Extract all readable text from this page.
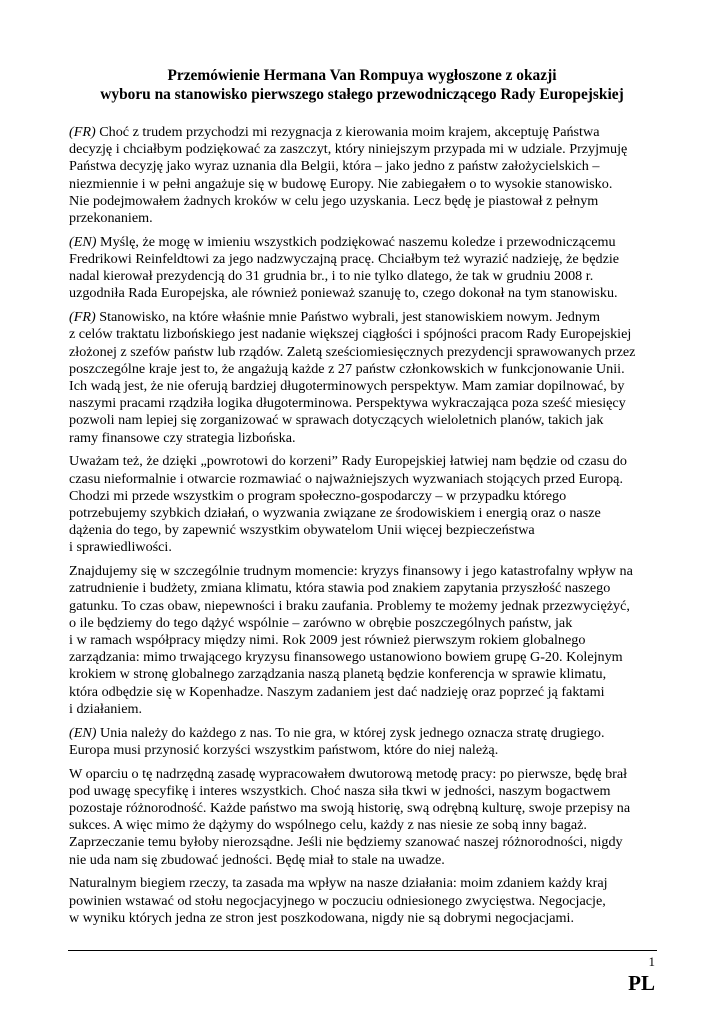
Przemówienie Hermana Van Rompuya wygłoszone z okazji
wyboru na stanowisko pierwszego stałego przewodniczącego Rady Europejskiej
(FR) Choć z trudem przychodzi mi rezygnacja z kierowania moim krajem, akceptuję Państwa
decyzję i chciałbym podziękować za zaszczyt, który niniejszym przypada mi w udziale. Przyjmuję
Państwa decyzję jako wyraz uznania dla Belgii, która – jako jedno z państw założycielskich –
niezmiennie i w pełni angażuje się w budowę Europy. Nie zabiegałem o to wysokie stanowisko.
Nie podejmowałem żadnych kroków w celu jego uzyskania. Lecz będę je piastował z pełnym
przekonaniem.
(EN) Myślę, że mogę w imieniu wszystkich podziękować naszemu koledze i przewodniczącemu
Fredrikowi Reinfeldtowi za jego nadzwyczajną pracę. Chciałbym też wyrazić nadzieję, że będzie
nadal kierował prezydencją do 31 grudnia br., i to nie tylko dlatego, że tak w grudniu 2008 r.
uzgodniła Rada Europejska, ale również ponieważ szanuję to, czego dokonał na tym stanowisku.
(FR) Stanowisko, na które właśnie mnie Państwo wybrali, jest stanowiskiem nowym. Jednym
z celów traktatu lizbońskiego jest nadanie większej ciągłości i spójności pracom Rady Europejskiej
złożonej z szefów państw lub rządów. Zaletą sześciomiesięcznych prezydencji sprawowanych przez
poszczególne kraje jest to, że angażują każde z 27 państw członkowskich w funkcjonowanie Unii.
Ich wadą jest, że nie oferują bardziej długoterminowych perspektyw. Mam zamiar dopilnować, by
naszymi pracami rządziła logika długoterminowa. Perspektywa wykraczająca poza sześć miesięcy
pozwoli nam lepiej się zorganizować w sprawach dotyczących wieloletnich planów, takich jak
ramy finansowe czy strategia lizbońska.
Uważam też, że dzięki „powrotowi do korzeni” Rady Europejskiej łatwiej nam będzie od czasu do
czasu nieformalnie i otwarcie rozmawiać o najważniejszych wyzwaniach stojących przed Europą.
Chodzi mi przede wszystkim o program społeczno-gospodarczy – w przypadku którego
potrzebujemy szybkich działań, o wyzwania związane ze środowiskiem i energią oraz o nasze
dążenia do tego, by zapewnić wszystkim obywatelom Unii więcej bezpieczeństwa
i sprawiedliwości.
Znajdujemy się w szczególnie trudnym momencie: kryzys finansowy i jego katastrofalny wpływ na
zatrudnienie i budżety, zmiana klimatu, która stawia pod znakiem zapytania przyszłość naszego
gatunku. To czas obaw, niepewności i braku zaufania. Problemy te możemy jednak przezwyciężyć,
o ile będziemy do tego dążyć wspólnie – zarówno w obrębie poszczególnych państw, jak
i w ramach współpracy między nimi. Rok 2009 jest również pierwszym rokiem globalnego
zarządzania: mimo trwającego kryzysu finansowego ustanowiono bowiem grupę G-20. Kolejnym
krokiem w stronę globalnego zarządzania naszą planetą będzie konferencja w sprawie klimatu,
która odbędzie się w Kopenhadze. Naszym zadaniem jest dać nadzieję oraz poprzeć ją faktami
i działaniem.
(EN) Unia należy do każdego z nas. To nie gra, w której zysk jednego oznacza stratę drugiego.
Europa musi przynosić korzyści wszystkim państwom, które do niej należą.
W oparciu o tę nadrzędną zasadę wypracowałem dwutorową metodę pracy: po pierwsze, będę brał
pod uwagę specyfikę i interes wszystkich. Choć nasza siła tkwi w jedności, naszym bogactwem
pozostaje różnorodność. Każde państwo ma swoją historię, swą odrębną kulturę, swoje przepisy na
sukces. A więc mimo że dążymy do wspólnego celu, każdy z nas niesie ze sobą inny bagaż.
Zaprzeczanie temu byłoby nierozsądne. Jeśli nie będziemy szanować naszej różnorodności, nigdy
nie uda nam się zbudować jedności. Będę miał to stale na uwadze.
Naturalnym biegiem rzeczy, ta zasada ma wpływ na nasze działania: moim zdaniem każdy kraj
powinien wstawać od stołu negocjacyjnego w poczuciu odniesionego zwycięstwa. Negocjacje,
w wyniku których jedna ze stron jest poszkodowana, nigdy nie są dobrymi negocjacjami.
1
PL
